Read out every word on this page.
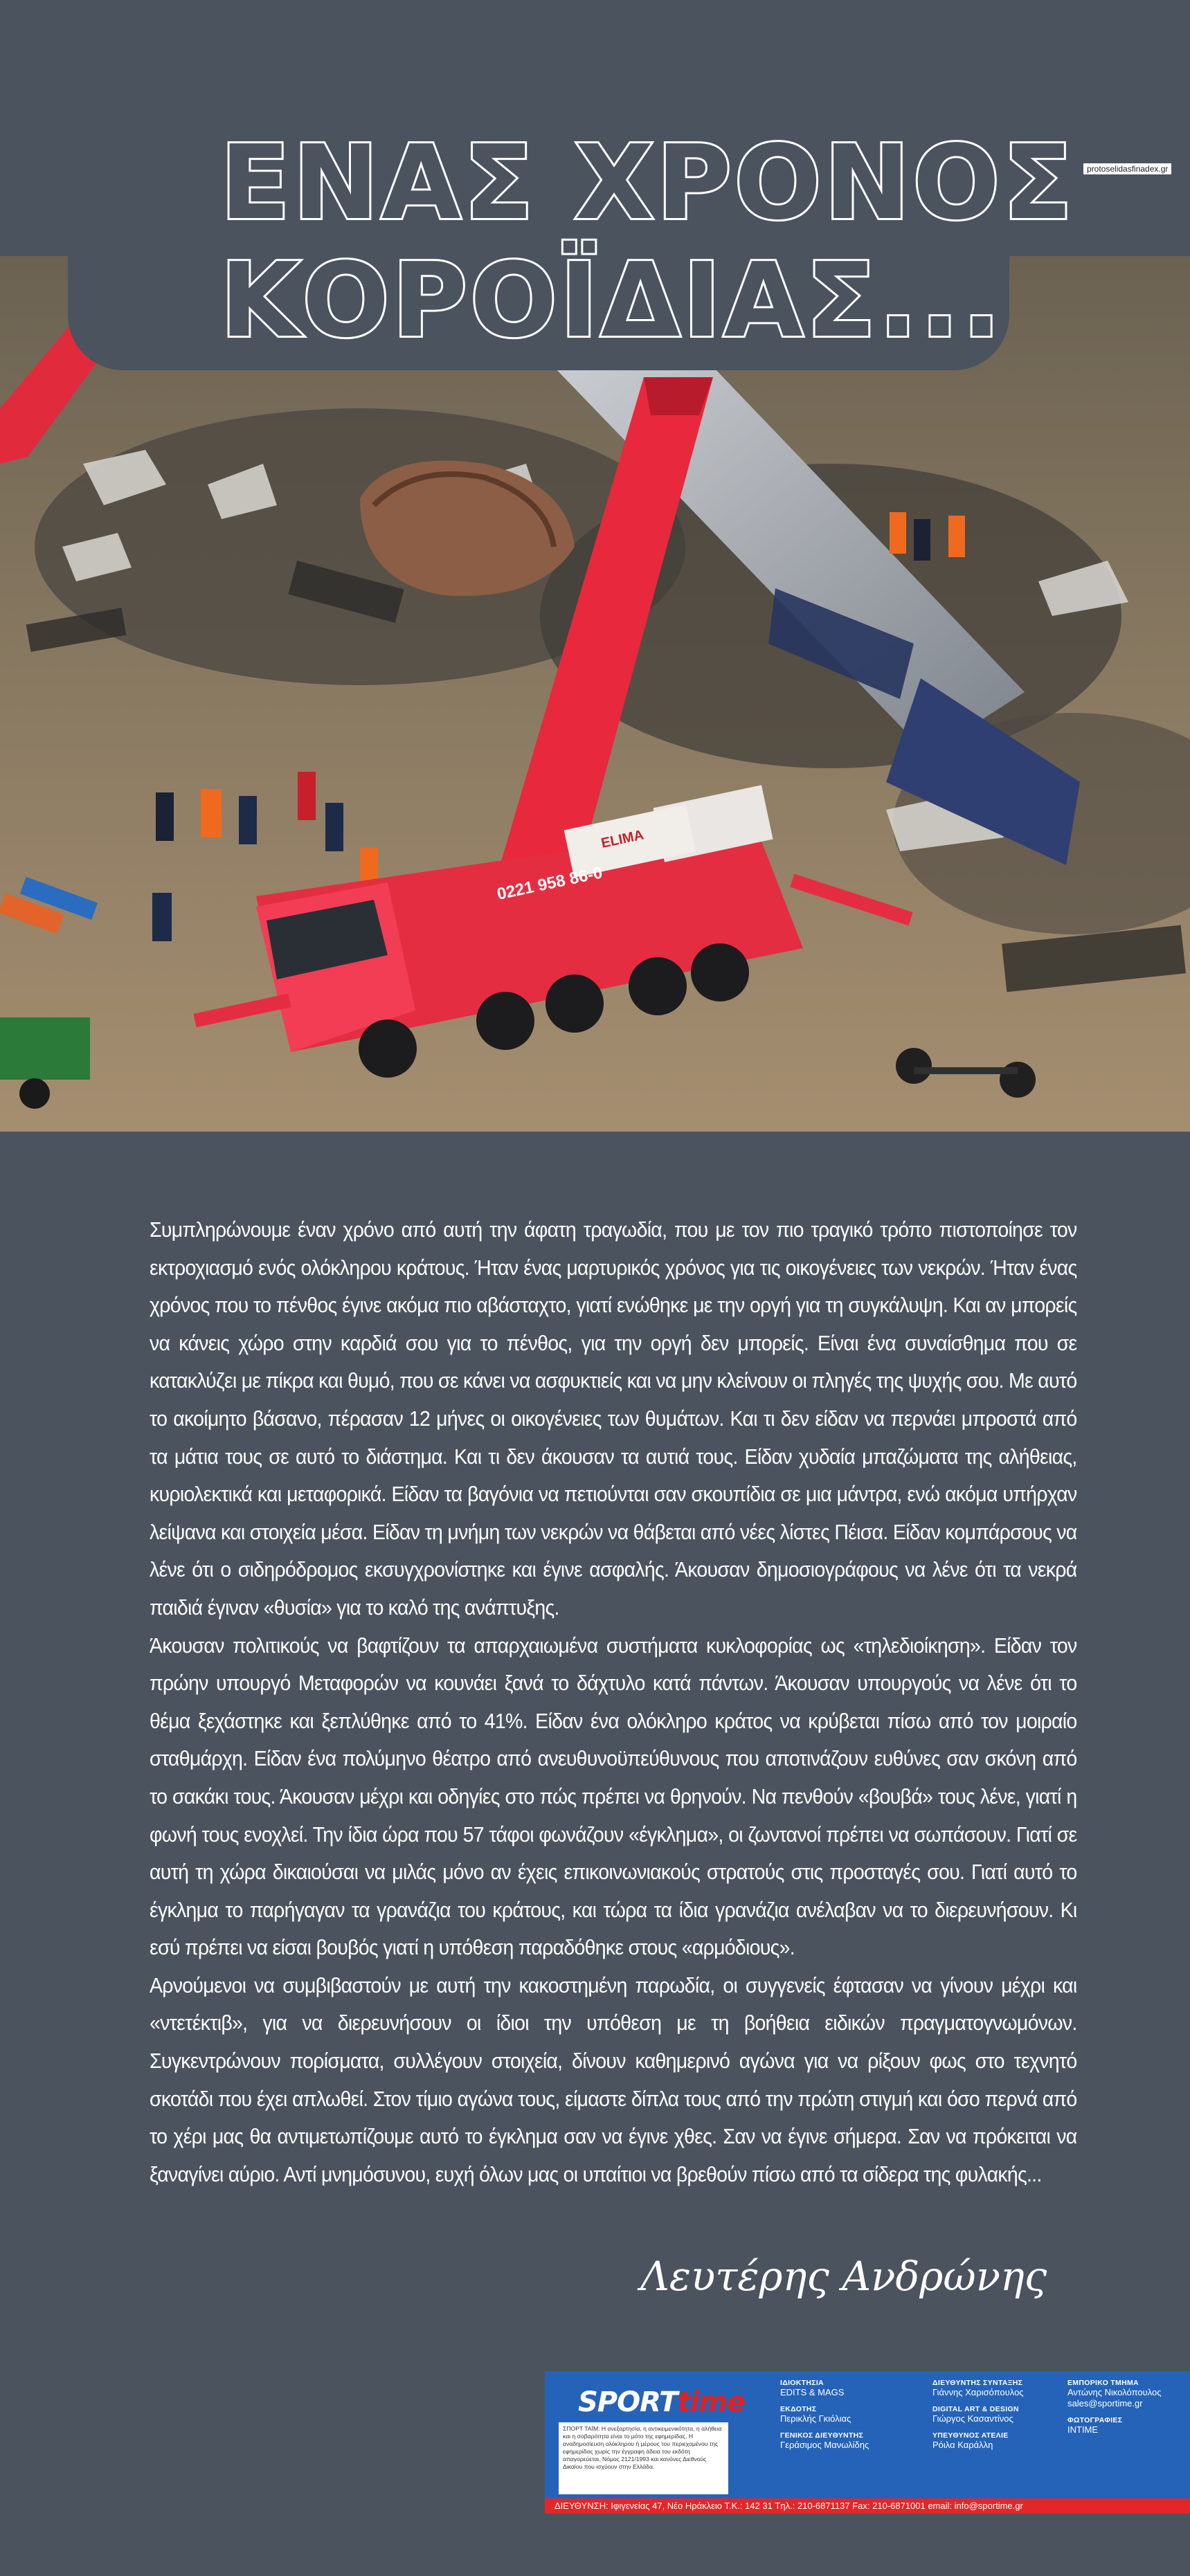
0221 958 86-0
ELIMA
ΕΝΑΣ ΧΡΟΝΟΣ
ΚΟΡΟΪΔΙΑΣ...
protoselidasfinadex.gr

Συμπληρώνουμε έναν χρόνο από αυτή την άφατη τραγωδία, που με τον πιο τραγικό τρόπο πιστοποίησε τον εκτροχιασμό ενός ολόκληρου κράτους. Ήταν ένας μαρτυρικός χρόνος για τις οικογένειες των νεκρών. Ήταν ένας χρόνος που το πένθος έγινε ακόμα πιο αβάσταχτο, γιατί ενώθηκε με την οργή για τη συγκάλυψη. Και αν μπορείς να κάνεις χώρο στην καρδιά σου για το πένθος, για την οργή δεν μπορείς. Είναι ένα συναίσθημα που σε κατακλύζει με πίκρα και θυμό, που σε κάνει να ασφυκτιείς και να μην κλείνουν οι πληγές της ψυχής σου. Με αυτό το ακοίμητο βάσανο, πέρασαν 12 μήνες οι οικογένειες των θυμάτων. Και τι δεν είδαν να περνάει μπροστά από τα μάτια τους σε αυτό το διάστημα. Και τι δεν άκουσαν τα αυτιά τους. Είδαν χυδαία μπαζώματα της αλήθειας, κυριολεκτικά και μεταφορικά. Είδαν τα βαγόνια να πετιούνται σαν σκουπίδια σε μια μάντρα, ενώ ακόμα υπήρχαν λείψανα και στοιχεία μέσα. Είδαν τη μνήμη των νεκρών να θάβεται από νέες λίστες Πέισα. Είδαν κομπάρσους να λένε ότι ο σιδηρόδρομος εκσυγχρονίστηκε και έγινε ασφαλής. Άκουσαν δημοσιογράφους να λένε ότι τα νεκρά παιδιά έγιναν «θυσία» για το καλό της ανάπτυξης.

Άκουσαν πολιτικούς να βαφτίζουν τα απαρχαιωμένα συστήματα κυκλοφορίας ως «τηλεδιοίκηση». Είδαν τον πρώην υπουργό Μεταφορών να κουνάει ξανά το δάχτυλο κατά πάντων. Άκουσαν υπουργούς να λένε ότι το θέμα ξεχάστηκε και ξεπλύθηκε από το 41%. Είδαν ένα ολόκληρο κράτος να κρύβεται πίσω από τον μοιραίο σταθμάρχη. Είδαν ένα πολύμηνο θέατρο από ανευθυνοϋπεύθυνους που αποτινάζουν ευθύνες σαν σκόνη από το σακάκι τους. Άκουσαν μέχρι και οδηγίες στο πώς πρέπει να θρηνούν. Να πενθούν «βουβά» τους λένε, γιατί η φωνή τους ενοχλεί. Την ίδια ώρα που 57 τάφοι φωνάζουν «έγκλημα», οι ζωντανοί πρέπει να σωπάσουν. Γιατί σε αυτή τη χώρα δικαιούσαι να μιλάς μόνο αν έχεις επικοινωνιακούς στρατούς στις προσταγές σου. Γιατί αυτό το έγκλημα το παρήγαγαν τα γρανάζια του κράτους, και τώρα τα ίδια γρανάζια ανέλαβαν να το διερευνήσουν. Κι εσύ πρέπει να είσαι βουβός γιατί η υπόθεση παραδόθηκε στους «αρμόδιους».

Αρνούμενοι να συμβιβαστούν με αυτή την κακοστημένη παρωδία, οι συγγενείς έφτασαν να γίνουν μέχρι και «ντετέκτιβ», για να διερευνήσουν οι ίδιοι την υπόθεση με τη βοήθεια ειδικών πραγματογνωμόνων. Συγκεντρώνουν πορίσματα, συλλέγουν στοιχεία, δίνουν καθημερινό αγώνα για να ρίξουν φως στο τεχνητό σκοτάδι που έχει απλωθεί. Στον τίμιο αγώνα τους, είμαστε δίπλα τους από την πρώτη στιγμή και όσο περνά από το χέρι μας θα αντιμετωπίζουμε αυτό το έγκλημα σαν να έγινε χθες. Σαν να έγινε σήμερα. Σαν να πρόκειται να ξαναγίνει αύριο. Αντί μνημόσυνου, ευχή όλων μας οι υπαίτιοι να βρεθούν πίσω από τα σίδερα της φυλακής...

Λευτέρης Ανδρώνης
SPORTtime
ΣΠΟΡΤ ΤΑΪΜ: Η ανεξαρτησία, η αντικειμενικότητα, η αλήθεια και η σοβαρότητα είναι το μότο της εφημερίδας. Η αναδημοσίευση ολόκληρου ή μέρους του περιεχομένου της εφημερίδας χωρίς την έγγραφη άδεια του εκδότη απαγορεύεται. Νόμος 2121/1993 και κανόνες Διεθνούς Δικαίου που ισχύουν στην Ελλάδα.
ΙΔΙΟΚΤΗΣΙΑ
EDITS & MAGS
ΕΚΔΟΤΗΣ
Περικλής Γκιόλιας
ΓΕΝΙΚΟΣ ΔΙΕΥΘΥΝΤΗΣ
Γεράσιμος Μανωλίδης
ΔΙΕΥΘΥΝΤΗΣ ΣΥΝΤΑΞΗΣ
Γιάννης Χαρισόπουλος
DIGITAL ART & DESIGN
Γιώργος Κασαντίνος
ΥΠΕΥΘΥΝΟΣ ΑΤΕΛΙΕ
Ρόιλα Καράλλη
ΕΜΠΟΡΙΚΟ ΤΜΗΜΑ
Αντώνης Νικολόπουλος
sales@sportime.gr
ΦΩΤΟΓΡΑΦΙΕΣ
INTIME
ΔΙΕΥΘΥΝΣΗ: Ιφιγενείας 47, Νέο Ηράκλειο Τ.Κ.: 142 31 Tηλ.: 210-6871137 Fax: 210-6871001 email: info@sportime.gr
